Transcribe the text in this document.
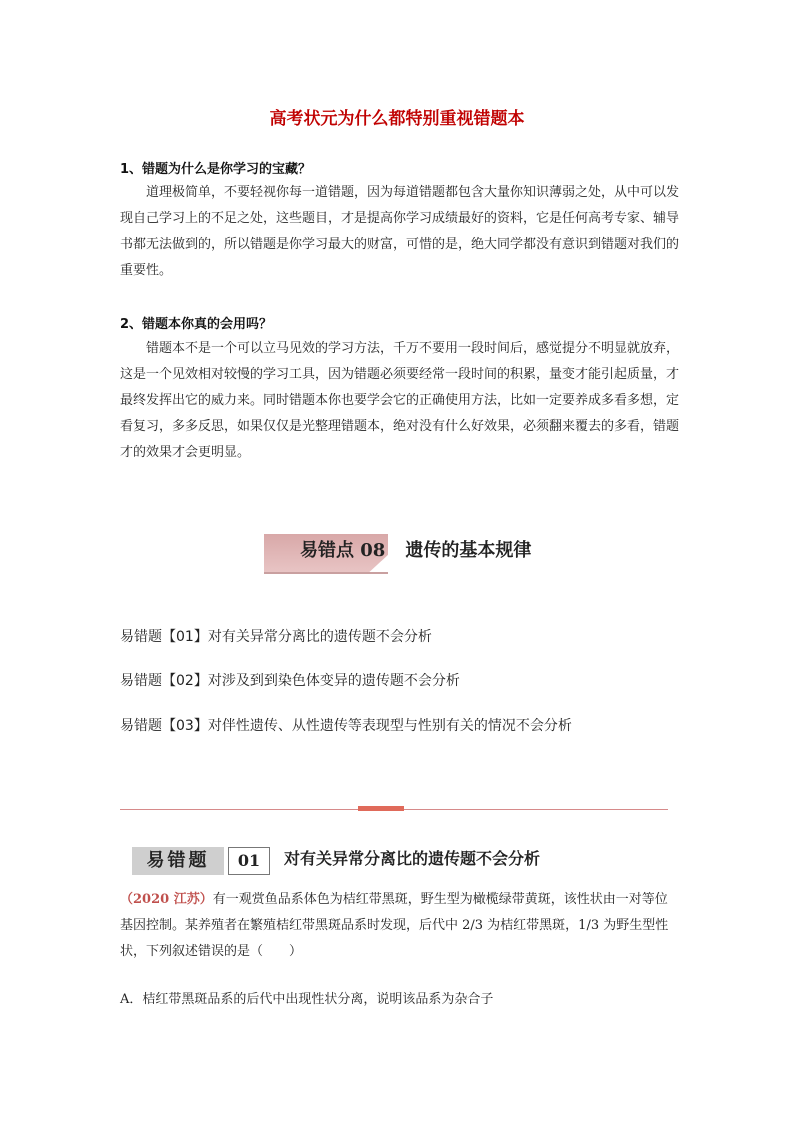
高考状元为什么都特别重视错题本
1、错题为什么是你学习的宝藏？
道理极简单，不要轻视你每一道错题，因为每道错题都包含大量你知识薄弱之处，从中可以发现自己学习上的不足之处，这些题目，才是提高你学习成绩最好的资料，它是任何高考专家、辅导书都无法做到的，所以错题是你学习最大的财富，可惜的是，绝大同学都没有意识到错题对我们的重要性。
2、错题本你真的会用吗？
错题本不是一个可以立马见效的学习方法，千万不要用一段时间后，感觉提分不明显就放弃，这是一个见效相对较慢的学习工具，因为错题必须要经常一段时间的积累，量变才能引起质量，才最终发挥出它的威力来。同时错题本你也要学会它的正确使用方法，比如一定要养成多看多想，定看复习，多多反思，如果仅仅是光整理错题本，绝对没有什么好效果，必须翻来覆去的多看，错题才的效果才会更明显。
易错点 08 遗传的基本规律
易错题【01】对有关异常分离比的遗传题不会分析
易错题【02】对涉及到到染色体变异的遗传题不会分析
易错题【03】对伴性遗传、从性遗传等表现型与性别有关的情况不会分析
易错题	01	对有关异常分离比的遗传题不会分析
（2020 江苏）有一观赏鱼品系体色为桔红带黑斑，野生型为橄榄绿带黄斑，该性状由一对等位基因控制。某养殖者在繁殖桔红带黑斑品系时发现，后代中 2/3 为桔红带黑斑，1/3 为野生型性状，下列叙述错误的是（　　）
A．桔红带黑斑品系的后代中出现性状分离，说明该品系为杂合子
